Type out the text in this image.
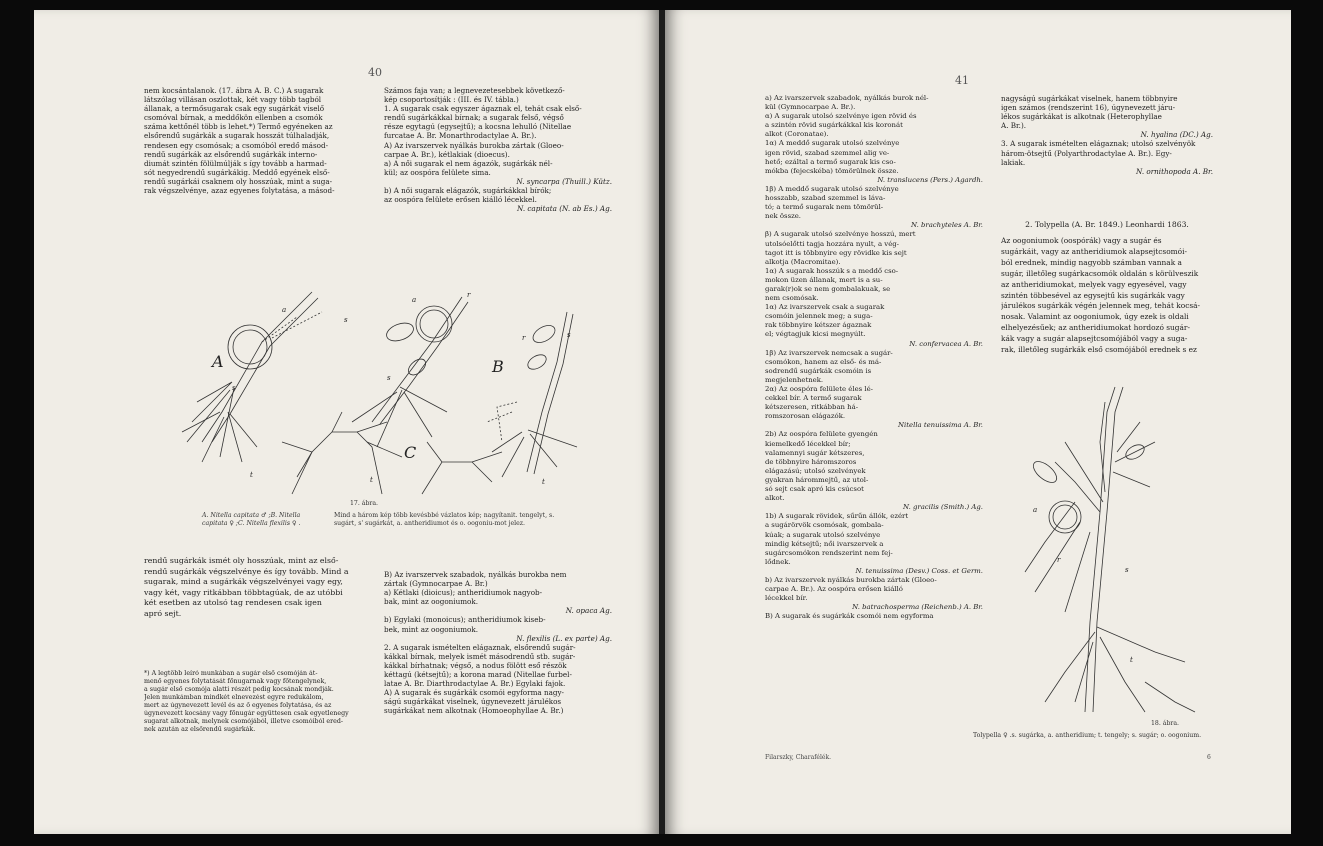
40
nem kocsántalanok. (17. ábra A. B. C.) A sugarak
látszólag villásan oszlottak, két vagy több tagból
állanak, a termősugarak csak egy sugárkát viselő
csomóval bírnak, a meddőkön ellenben a csomók
száma kettőnél több is lehet.*) Termő egyéneken az
elsőrendű sugárkák a sugarak hosszát túlhaladják,
rendesen egy csomósak; a csomóból eredő másod-
rendű sugárkák az elsőrendű sugárkák interno-
diumát szintén fölülmúlják s így tovább a harmad-
sót negyedrendű sugárkákig. Meddő egyének első-
rendű sugárkái csaknem oly hosszúak, mint a suga-
rak végszelvénye, azaz egyenes folytatása, a másod-
Számos faja van; a legnevezetesebbek következő-
kép csoportosítják : (III. és IV. tábla.)
1. A sugarak csak egyszer ágaznak el, tehát csak első-
rendű sugárkákkal bírnak; a sugarak felső, végső
része egytagú (egysejtű); a kocsna lehulló (Nitellae
furcatae A. Br. Monarthrodactylae A. Br.).
A) Az ivarszervek nyálkás burokba zártak (Gloeo-
carpae A. Br.), kétlakiak (dioecus).
a) A női sugarak el nem ágazók, sugárkák nél-
kül; az oospóra felülete sima.
N. syncarpa (Thuill.) Kütz.
b) A női sugarak elágazók, sugárkákkal bírók;
az oospóra felülete erősen kiálló lécekkel.
N. capitata (N. ab Es.) Ag.
A	B
C
a
a
s
s
t
t
s
s
r
r
t
17. ábra.
A. Nitella capitata ♂ ;B. Nitella capitata ♀ ;C. Nitella flexilis ♀ .
Mind a három kép több kevésbbé vázlatos kép; nagyítanit. tengelyt, s. sugárt, s' sugárkát, a. antheridiumot és o. oogoniu-mot jelez.
rendű sugárkák ismét oly hosszúak, mint az első-
rendű sugárkák végszelvénye és így tovább. Mind a
sugarak, mind a sugárkák végszelvényei vagy egy,
vagy két, vagy ritkábban többtagúak, de az utóbbi
két esetben az utolsó tag rendesen csak igen
apró sejt.
*) A legtöbb leíró munkában a sugár első csomóján át-
menő egyenes folytatását főnugarnak vagy főtengelynek,
a sugár első csomója alatti részét pedig kocsának mondják.
Jelen munkámban mindkét elnevezést egyre redukálom,
mert az úgynevezett levél és az ő egyenes folytatása, és az
úgynevezett kocsány vagy főnugár együttesen csak egyetlenegy
sugarat alkotnak, melynek csomójából, illetve csomóiból ered-
nek azután az elsőrendű sugárkák.
B) Az ivarszervek szabadok, nyálkás burokba nem
zártak (Gymnocarpae A. Br.)
a) Kétlaki (dioicus); antheridiumok nagyob-
bak, mint az oogoniumok.
N. opaca Ag.
b) Egylaki (monoicus); antheridiumok kiseb-
bek, mint az oogoniumok.
N. flexilis (L. ex parte) Ag.
2. A sugarak ismételten elágaznak, elsőrendű sugár-
kákkal bírnak, melyek ismét másodrendű stb. sugár-
kákkal bírhatnak; végső, a nodus fölött eső részök
kéttagú (kétsejtű); a korona marad (Nitellae furbel-
latae A. Br. Diarthrodactylae A. Br.) Egylaki fajok.
A) A sugarak és sugárkák csomói egyforma nagy-
ságú sugárkákat viselnek, úgynevezett járulékos
sugárkákat nem alkotnak (Homoeophyllae A. Br.)
41
a) Az ivarszervek szabadok, nyálkás burok nél-
kül (Gymnocarpae A. Br.).
α) A sugarak utolsó szelvénye igen rövid és
a szintén rövid sugárkákkal kis koronát
alkot (Coronatae).
1α) A meddő sugarak utolsó szelvénye
igen rövid, szabad szemmel alig ve-
hető; ezáltal a termő sugarak kis cso-
mókba (fejecskéba) tömörülnek össze.
N. translucens (Pers.) Agardh.
1β) A meddő sugarak utolsó szelvénye
hosszabb, szabad szemmel is láva-
tó; a termő sugarak nem tömörül-
nek össze.
N. brachyteles A. Br.
β) A sugarak utolsó szelvénye hosszú, mert
utolsóelőtti tagja hozzára nyult, a vég-
tagot itt is többnyire egy rövidke kis sejt
alkotja (Macromitae).
1α) A sugarak hosszúk s a meddő cso-
mokon üzen állanak, mert is a su-
garak(r)ok se nem gombalakuak, se
nem csomósak.
1α) Az ivarszervek csak a sugarak
csomóin jelennek meg; a suga-
rak többnyire kétszer ágaznak
el; végtagjuk kicsi megnyúlt.
N. confervacea A. Br.
1β) Az ivarszervek nemcsak a sugár-
csomókon, hanem az első- és má-
sodrendű sugárkák csomóin is
megjelenhetnek.
2α) Az oospóra felülete éles lé-
cekkel bír. A termő sugarak
kétszeresen, ritkábban há-
romszorosan elágazók.
Nitella tenuissima A. Br.
2b) Az oospóra felülete gyengén
kiemelkedő lécekkel bír;
valamennyi sugár kétszeres,
de többnyire háromszoros
elágazású; utolsó szelvények
gyakran hárommejtű, az utol-
só sejt csak apró kis csúcsot
alkot.
N. gracilis (Smith.) Ag.
1b) A sugarak rövidek, sűrűn állók, ezért
a sugárörvök csomósak, gombala-
kúak; a sugarak utolsó szelvénye
mindig kétsejtű; női ivarszervek a
sugárcsomókon rendszerint nem fej-
lődnek.
N. tenuissima (Desv.) Coss. et Germ.
b) Az ivarszervek nyálkás burokba zártak (Gloeo-
carpae A. Br.). Az oospóra erősen kiálló
lécekkel bír.
N. batrachosperma (Reichenb.) A. Br.
B) A sugarak és sugárkák csomói nem egyforma
nagyságú sugárkákat viselnek, hanem többnyire
igen számos (rendszerint 16), úgynevezett járu-
lékos sugárkákat is alkotnak (Heterophyllae
A. Br.).
N. hyalina (DC.) Ag.
3. A sugarak ismételten elágaznak; utolsó szelvényök
három-ötsejtű (Polyarthrodactylae A. Br.). Egy-
lakiak.
N. ornithopoda A. Br.
2. Tolypella (A. Br. 1849.) Leonhardi 1863.
Az oogoniumok (oospórák) vagy a sugár és
sugárkáit, vagy az antheridiumok alapsejtcsomói-
ból erednek, mindig nagyobb számban vannak a
sugár, illetőleg sugárkacsomók oldalán s körülveszik
az antheridiumokat, melyek vagy egyesével, vagy
szintén többesével az egysejtű kis sugárkák vagy
járulékos sugárkák végén jelennek meg, tehát kocsá-
nosak. Valamint az oogoniumok, úgy ezek is oldali
elhelyezésűek; az antheridiumokat hordozó sugár-
kák vagy a sugár alapsejtcsomójából vagy a suga-
rak, illetőleg sugárkák első csomójából erednek s ez
a
s
r
t
18. ábra.
Tolypella ♀ .s. sugárka, a. antheridium; t. tengely; s. sugár; o. oogonium.
Filarszky, Charafélék.	6
